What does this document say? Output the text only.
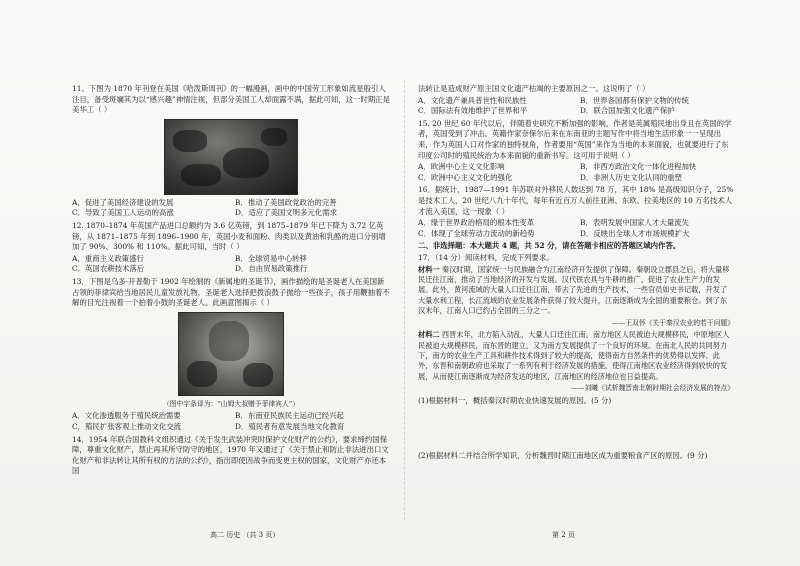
11、下图为 1870 年刊登在美国《哈泼斯周刊》的一幅漫画，画中的中国劳工形象如流星般引人注目，备受斑斓其为以“感兴趣”神情注视，但部分美国工人却面露不满，据此可知，这一时期正是美华工（ ）

A．促进了美国经济建设的发展	B．推动了美国政党政治的完善
C．导致了美国工人运动的高涨	D．适应了美国文明多元化需求

12. 1870–1874 年英国产品进口总额约为 3.6 亿英镑，到 1875–1879 年已下降为 3.72 亿英镑，从 1871–1875 年到 1896–1900 年，英国小麦和面粉、肉类以及黄油和乳酪的进口分别增加了 90%、300% 和 110%。据此可知，当时（ ）

A．重商主义政策盛行	B．全球贸易中心转移
C．英国农耕技术落后	D．自由贸易政策推行

13．下图是乌多·开普勒于 1902 年绘制的《新属地的圣诞节》，画作描绘的是圣诞老人在美国新占领的菲律宾给当地居民儿童发放礼物，圣诞老人选择把拨浪鼓子抛给一些孩子，孩子用鞭抽着不解的目光注视着一个拍着小鼓的圣诞老人。此画意图揭示（ ）

（图中字条译为：“山姆大叔赠予菲律宾人”）
A．文化渗透服务于殖民统治需要	B．东南亚民族民主运动已经兴起
C．殖民扩张客观上推动文化交流	D．殖民者有意发展当地文化教育

14．1954 年联合国教科文组织通过《关于发生武装冲突时保护文化财产的公约》，要求缔约国保障，尊重文化财产，禁止再其所守防守的地区，1970 年又通过了《关于禁止和防止非法进出口文化财产和非法转让其所有权的方法的公约》，指出即使因战争而变更主权的国家，文化财产亦还本国

法转让是造成财产原主国文化遗产枯竭的主要原因之一。这说明了（ ）

A．文化遗产兼具普世性和民族性	B．世界各国都有保护文物的传统
C．国际法有效地维护了世界和平	D．联合国加强文化遗产保护

15. 20 世纪 60 年代以后，伴随着史研究不断加强的影响，作者是英属殖民地出身且在英国的学者，英国受到了冲击。英籍作家奈保尔后来在东南亚的主题写作中将当地生活形象一一呈现出来，作为英国人口对作家的独特视角，作者要用“英国”来作为当地的本来面貌，也就要进行了东印度公司时的殖民统治为本来面貌的重新书写。这可用于说明（ ）

A．欧洲中心主义文化影响	B．非西方政治文化一体化进程加快
C．欧洲中心主义文化的强化	D．非洲人历史文化认同的重塑

16．据统计，1987—1991 年苏联对外移民人数达到 78 万，其中 18% 是高级知识分子，25% 是技术工人，20 世纪八九十年代，每年有近百万人前往亚洲、东欧、拉美地区的 10 万名技术人才流入美国，这一现象（ ）

A．缘于世界政治格局的根本性变革	B．表明发展中国家人才大量流失
C．体现了全球劳动力流动的新趋势	D．反映出全球人才市场规模扩大

二、非选择题：本大题共 4 题，共 52 分，请在答题卡相应的答题区域内作答。

17．（14 分）阅读材料，完成下列要求。

材料一 秦汉时期，国家统一与民族融合为江南经济开发提供了保障。秦朝设立郡县之后，将大量移民迁往江南，推动了当地经济的开发与发展。汉代铁农具与牛耕的推广，促进了农业生产力的发展。此外，黄河流域的大量人口迁往江南，带去了先进的生产技术，一些官员如史书记载，开发了大量水利工程，长江流域的农业发展条件获得了较大提升，江南逐渐成为全国的重要粮仓。到了东汉末年，江南人口已约占全国的三分之一。

——王双怀《关于秦汉农业的若干问题》

材料二 西晋末年，北方陷入动乱，大量人口迁往江南。南方地区人民被迫大规模移民，中原地区人民被迫大规模移民，而东晋的建立，又为南方发展提供了一个良好的环境。在南北人民的共同努力下，南方的农业生产工具和耕作技术得到了较大的提高，使得南方自然条件的优势得以发挥。此外，东晋和南朝政府也采取了一系列有利于经济发展的措施，使得江南地区农业经济得到较快的发展，从而使江南逐渐成为经济发达的地区，江南地区的经济地位也日益提高。

——刘曦《试析魏晋南北朝时期社会经济发展的特点》

(1)根据材料一，概括秦汉时期农业快速发展的原因。(5 分)

(2)根据材料二并结合所学知识，分析魏晋时期江南地区成为重要粮食产区的原因。(9 分)

高二 历史 （共 3 页）	第 2 页
